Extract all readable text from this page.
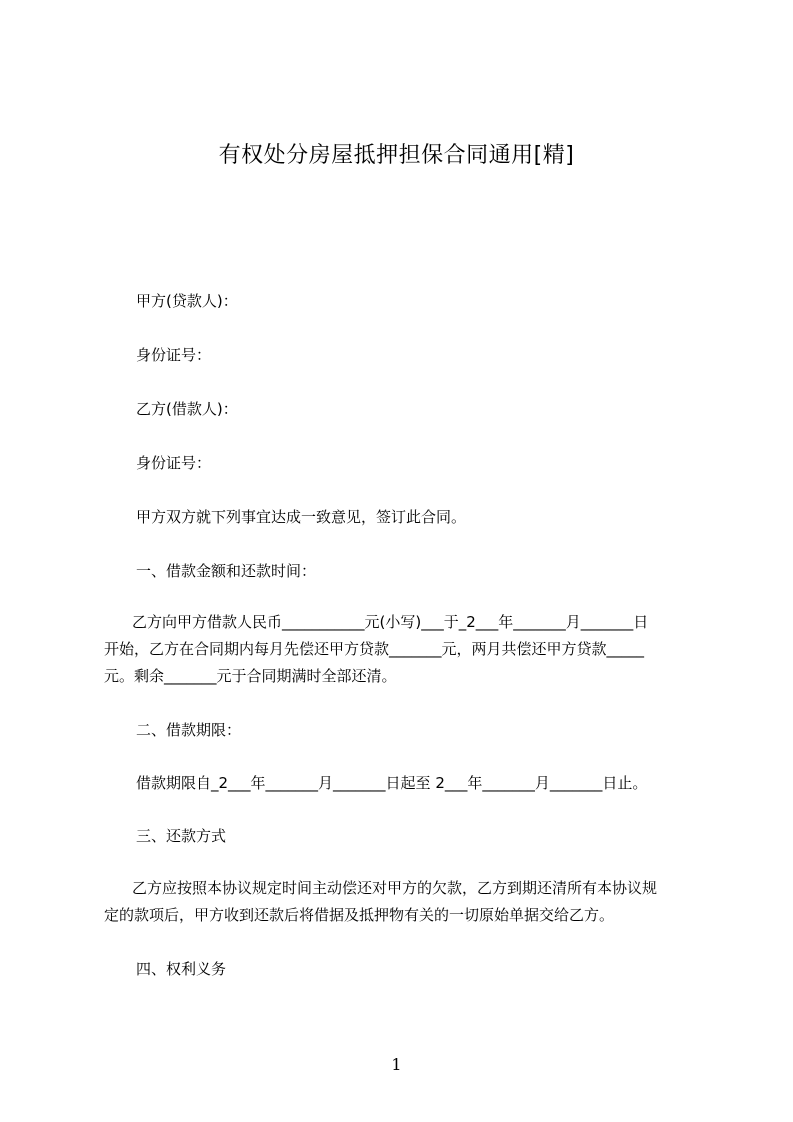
有权处分房屋抵押担保合同通用[精]
甲方(贷款人)：
身份证号：
乙方(借款人)：
身份证号：
甲方双方就下列事宜达成一致意见，签订此合同。
一、借款金额和还款时间：
乙方向甲方借款人民币___________元(小写)___于_2___年_______月_______日
开始，乙方在合同期内每月先偿还甲方贷款_______元，两月共偿还甲方贷款_____
元。剩余_______元于合同期满时全部还清。
二、借款期限：
借款期限自_2___年_______月_______日起至 2___年_______月_______日止。
三、还款方式
乙方应按照本协议规定时间主动偿还对甲方的欠款，乙方到期还清所有本协议规
定的款项后，甲方收到还款后将借据及抵押物有关的一切原始单据交给乙方。
四、权利义务
1
